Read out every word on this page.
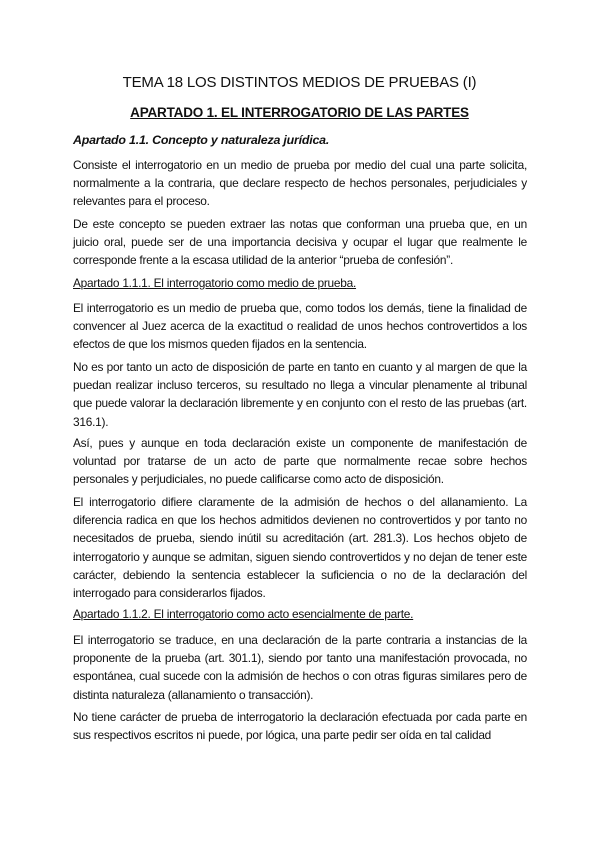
TEMA 18 LOS DISTINTOS MEDIOS DE PRUEBAS (I)
APARTADO 1. EL INTERROGATORIO DE LAS PARTES
Apartado 1.1. Concepto y naturaleza jurídica.

Consiste el interrogatorio en un medio de prueba por medio del cual una parte solicita, normalmente a la contraria, que declare respecto de hechos personales, perjudiciales y relevantes para el proceso.

De este concepto se pueden extraer las notas que conforman una prueba que, en un juicio oral, puede ser de una importancia decisiva y ocupar el lugar que realmente le corresponde frente a la escasa utilidad de la anterior “prueba de confesión”.

Apartado 1.1.1. El interrogatorio como medio de prueba.

El interrogatorio es un medio de prueba que, como todos los demás, tiene la finalidad de convencer al Juez acerca de la exactitud o realidad de unos hechos controvertidos a los efectos de que los mismos queden fijados en la sentencia.

No es por tanto un acto de disposición de parte en tanto en cuanto y al margen de que la puedan realizar incluso terceros, su resultado no llega a vincular plenamente al tribunal que puede valorar la declaración libremente y en conjunto con el resto de las pruebas (art. 316.1).

Así, pues y aunque en toda declaración existe un componente de manifestación de voluntad por tratarse de un acto de parte que normalmente recae sobre hechos personales y perjudiciales, no puede calificarse como acto de disposición.

El interrogatorio difiere claramente de la admisión de hechos o del allanamiento. La diferencia radica en que los hechos admitidos devienen no controvertidos y por tanto no necesitados de prueba, siendo inútil su acreditación (art. 281.3). Los hechos objeto de interrogatorio y aunque se admitan, siguen siendo controvertidos y no dejan de tener este carácter, debiendo la sentencia establecer la suficiencia o no de la declaración del interrogado para considerarlos fijados.

Apartado 1.1.2. El interrogatorio como acto esencialmente de parte.

El interrogatorio se traduce, en una declaración de la parte contraria a instancias de la proponente de la prueba (art. 301.1), siendo por tanto una manifestación provocada, no espontánea, cual sucede con la admisión de hechos o con otras figuras similares pero de distinta naturaleza (allanamiento o transacción).

No tiene carácter de prueba de interrogatorio la declaración efectuada por cada parte en sus respectivos escritos ni puede, por lógica, una parte pedir ser oída en tal calidad
